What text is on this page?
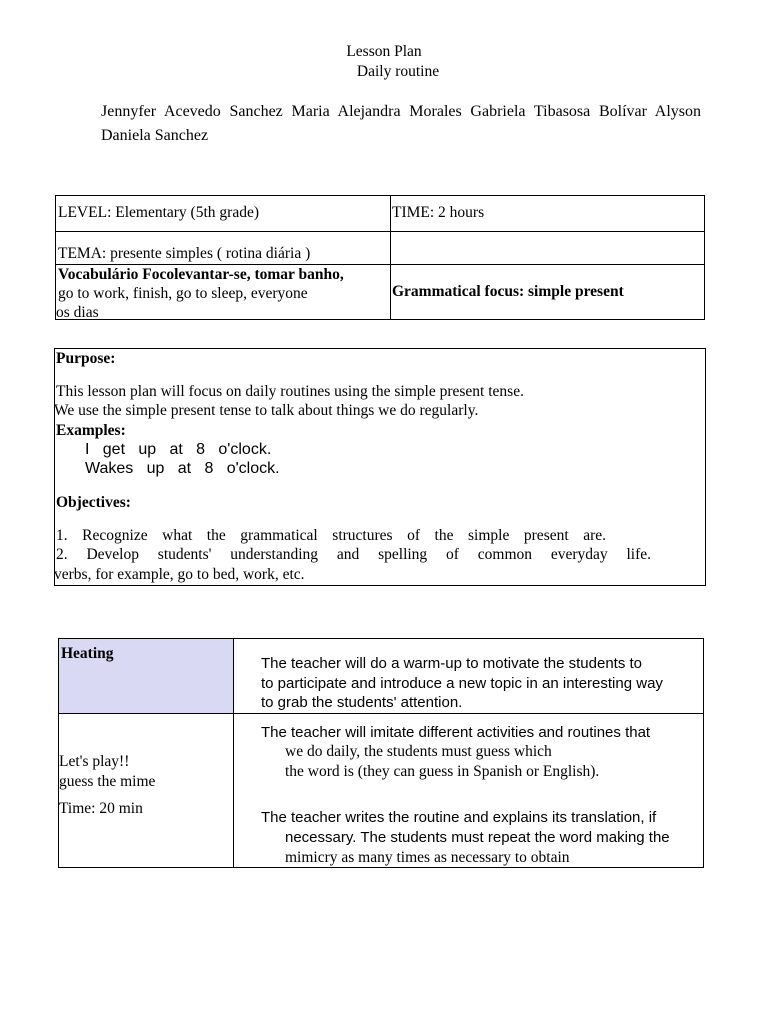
Lesson Plan
Daily routine
Jennyfer Acevedo Sanchez Maria Alejandra Morales Gabriela Tibasosa Bolívar Alyson Daniela Sanchez
LEVEL: Elementary (5th grade)	TIME: 2 hours
TEMA: presente simples ( rotina diária )
Vocabulário Focolevantar-se, tomar banho,
go to work, finish, go to sleep, everyone
os dias
Grammatical focus: simple present
Purpose:
This lesson plan will focus on daily routines using the simple present tense.
We use the simple present tense to talk about things we do regularly.
Examples:
I   get   up   at   8   o'clock.
Wakes   up   at   8   o'clock.
Objectives:
1. Recognize what the grammatical structures of the simple present are.
2. Develop students' understanding and spelling of common everyday life.
verbs, for example, go to bed, work, etc.
Heating
The teacher will do a warm-up to motivate the students to
to participate and introduce a new topic in an interesting way
to grab the students' attention.
Let's play!!
guess the mime
Time: 20 min
The teacher will imitate different activities and routines that
we do daily, the students must guess which
the word is (they can guess in Spanish or English).
The teacher writes the routine and explains its translation, if
necessary. The students must repeat the word making the
mimicry as many times as necessary to obtain
